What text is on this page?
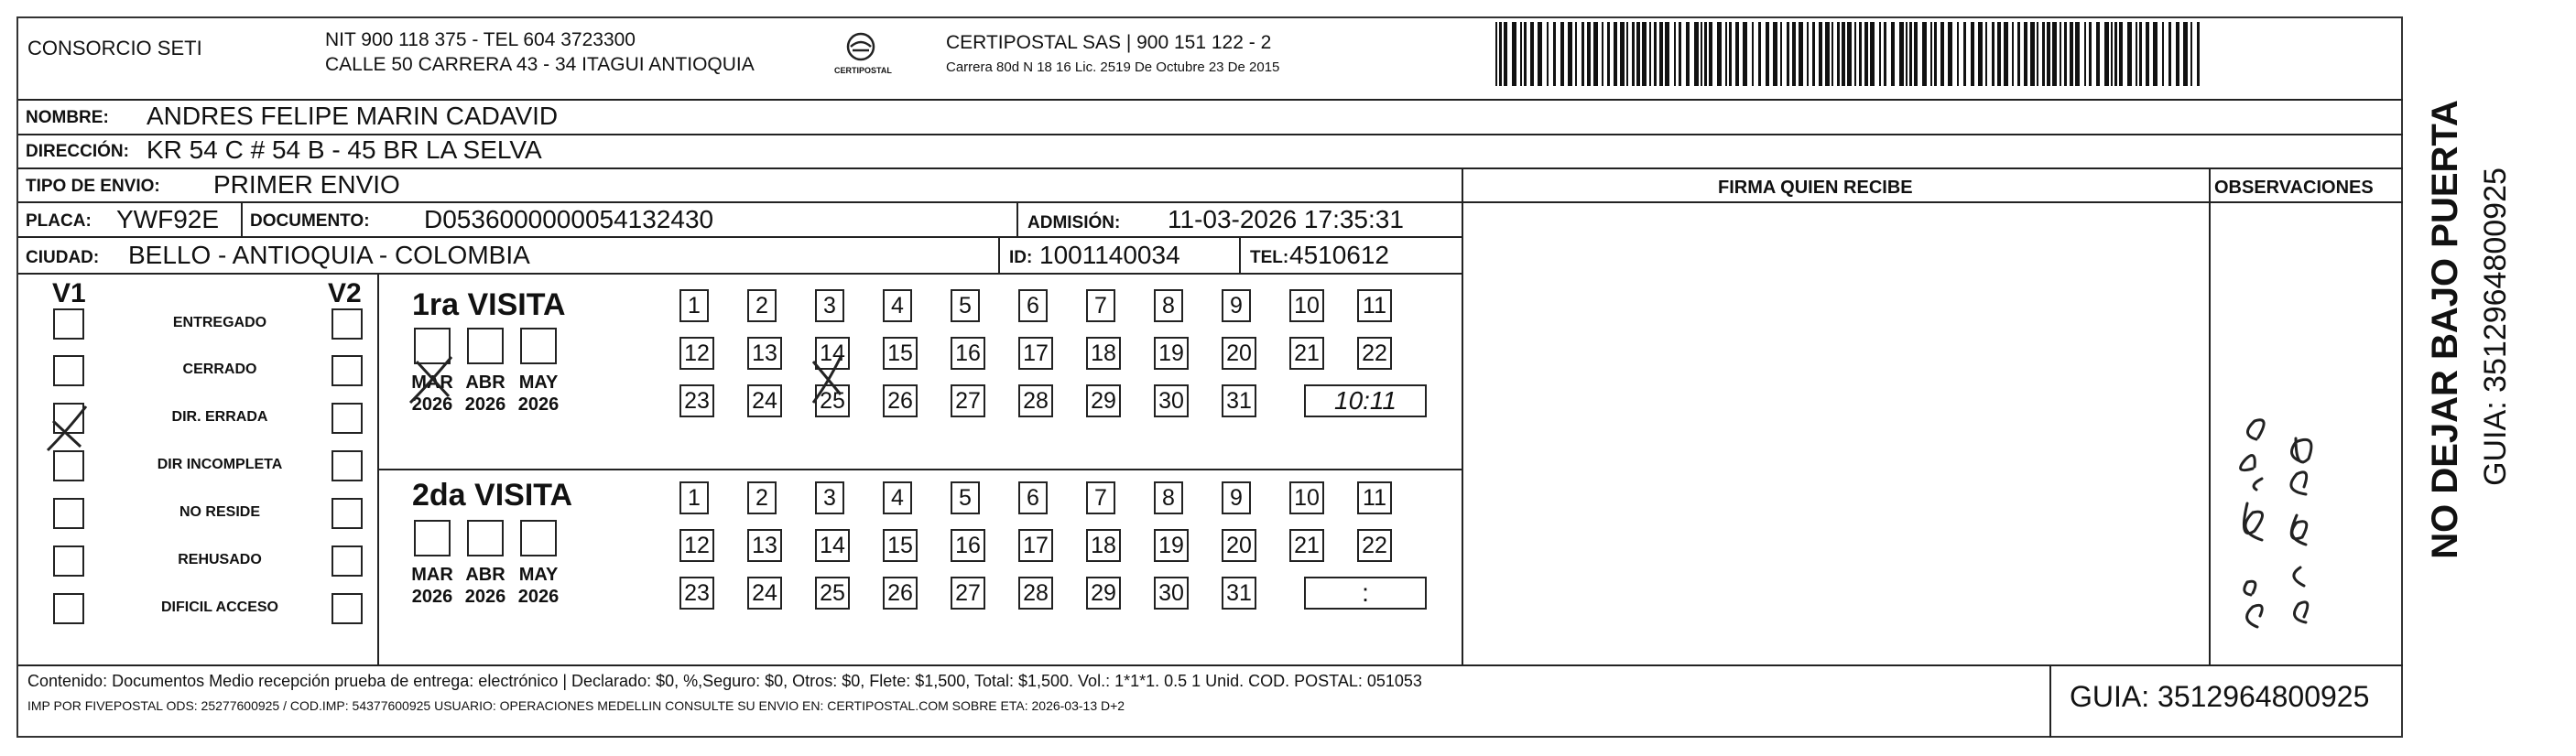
CONSORCIO SETI	NIT 900 118 375 - TEL 604 3723300
CALLE 50 CARRERA 43 - 34 ITAGUI ANTIOQUIA	CERTIPOSTAL
CERTIPOSTAL SAS | 900 151 122 - 2
Carrera 80d N 18 16 Lic. 2519 De Octubre 23 De 2015
NOMBRE: ANDRES FELIPE MARIN CADAVID
DIRECCIÓN: KR 54 C # 54 B - 45 BR LA SELVA
TIPO DE ENVIO: PRIMER ENVIO
PLACA: YWF92E DOCUMENTO: D0536000000054132430	ADMISIÓN: 11-03-2026 17:35:31
CIUDAD: BELLO - ANTIOQUIA - COLOMBIA	ID: 1001140034	TEL: 4510612
FIRMA QUIEN RECIBE	OBSERVACIONES
V1	V2
ENTREGADO
CERRADO
DIR. ERRADA
DIR INCOMPLETA
NO RESIDE
REHUSADO
DIFICIL ACCESO
1ra VISITA
MAR
2026
ABR
2026
MAY
2026
1	2	3	4	5	6	7	8	9	10 11
12 13 14 15 16 17 18 19 20 21 22
23 24 25 26 27 28 29 30 31	10:11
2da VISITA
MAR
2026
ABR
2026
MAY
2026
1	2	3	4	5	6	7	8	9	10 11
12 13 14 15 16 17 18 19 20 21 22
23 24 25 26 27 28 29 30 31	:
Contenido: Documentos Medio recepción prueba de entrega: electrónico | Declarado: $0, %,Seguro: $0, Otros: $0, Flete: $1,500, Total: $1,500. Vol.: 1*1*1. 0.5 1 Unid. COD. POSTAL: 051053
IMP POR FIVEPOSTAL ODS: 25277600925 / COD.IMP: 54377600925 USUARIO: OPERACIONES MEDELLIN CONSULTE SU ENVIO EN: CERTIPOSTAL.COM SOBRE ETA: 2026-03-13 D+2	GUIA: 3512964800925
NO DEJAR BAJO PUERTA GUIA: 3512964800925
